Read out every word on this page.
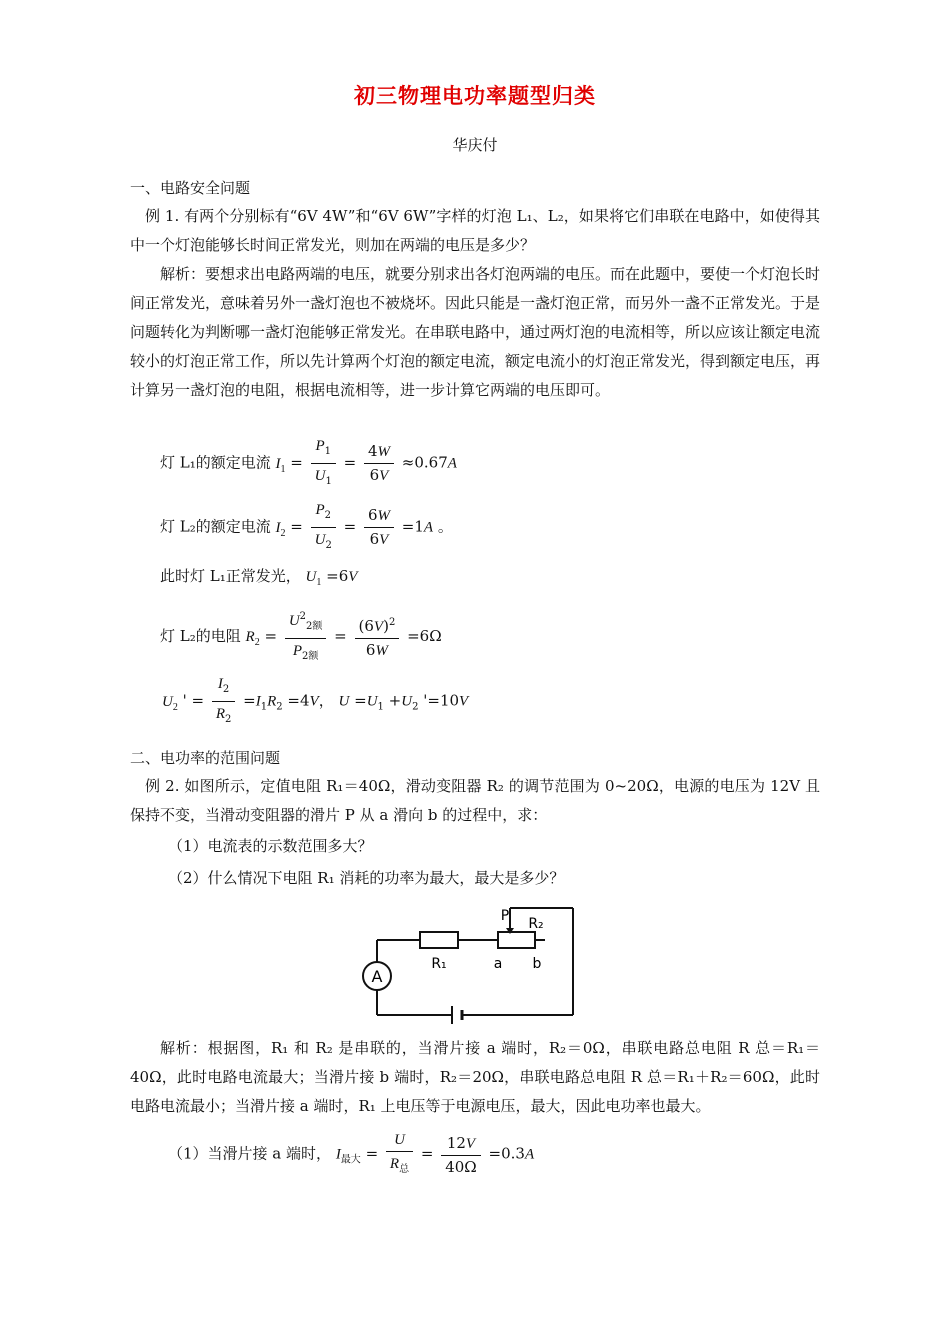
初三物理电功率题型归类
华庆付
一、电路安全问题
例 1. 有两个分别标有“6V 4W”和“6V 6W”字样的灯泡 L₁、L₂，如果将它们串联在电路中，如使得其中一个灯泡能够长时间正常发光，则加在两端的电压是多少？
解析：要想求出电路两端的电压，就要分别求出各灯泡两端的电压。而在此题中，要使一个灯泡长时间正常发光，意味着另外一盏灯泡也不被烧坏。因此只能是一盏灯泡正常，而另外一盏不正常发光。于是问题转化为判断哪一盏灯泡能够正常发光。在串联电路中，通过两灯泡的电流相等，所以应该让额定电流较小的灯泡正常工作，所以先计算两个灯泡的额定电流，额定电流小的灯泡正常发光，得到额定电压，再计算另一盏灯泡的电阻，根据电流相等，进一步计算它两端的电压即可。
灯 L₁的额定电流 $I_1 = \frac{P_1}{U_1} = \frac{4W}{6V} \approx 0.67A$
灯 L₂的额定电流 $I_2 = \frac{P_2}{U_2} = \frac{6W}{6V} =1A$ 。
此时灯 L₁正常发光， $U_1 =6V$
灯 L₂的电阻 $R_2 = \frac{U^2_{2额}}{P_{2额}} = \frac{(6V)^2}{6W} =6\Omega$
$U_2$ ' = $\frac{I_2}{R_2} =I_1R_2 =4V$， $U =U_1 +U_2$ '=10V
二、电功率的范围问题
例 2. 如图所示，定值电阻 R₁＝40Ω，滑动变阻器 R₂ 的调节范围为 0~20Ω，电源的电压为 12V 且保持不变，当滑动变阻器的滑片 P 从 a 滑向 b 的过程中，求：
（1）电流表的示数范围多大？
（2）什么情况下电阻 R₁ 消耗的功率为最大，最大是多少？
A
R₁
R₂
P
a b
解析：根据图，R₁ 和 R₂ 是串联的，当滑片接 a 端时，R₂＝0Ω，串联电路总电阻 R 总＝R₁＝40Ω，此时电路电流最大；当滑片接 b 端时，R₂＝20Ω，串联电路总电阻 R 总＝R₁＋R₂＝60Ω，此时电路电流最小；当滑片接 a 端时，R₁ 上电压等于电源电压，最大，因此电功率也最大。
（1）当滑片接 a 端时， $I_{最大} = \frac{U}{R_总} = \frac{12V}{40\Omega} =0.3A$
